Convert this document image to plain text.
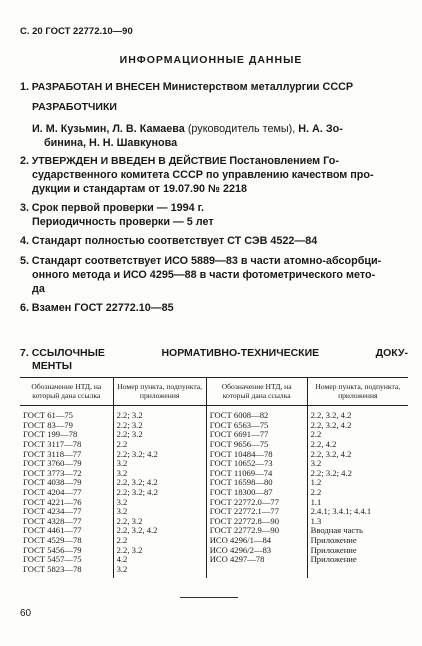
С. 20 ГОСТ 22772.10—90
ИНФОРМАЦИОННЫЕ ДАННЫЕ
1. РАЗРАБОТАН И ВНЕСЕН Министерством металлургии СССР
РАЗРАБОТЧИКИ
И. М. Кузьмин, Л. В. Камаева (руководитель темы), Н. А. Зо-
бинина, Н. Н. Шавкунова
2. УТВЕРЖДЕН И ВВЕДЕН В ДЕЙСТВИЕ Постановлением Го-
сударственного комитета СССР по управлению качеством про-
дукции и стандартам от 19.07.90 № 2218
3. Срок первой проверки — 1994 г.
Периодичность проверки — 5 лет
4. Стандарт полностью соответствует СТ СЭВ 4522—84
5. Стандарт соответствует ИСО 5889—83 в части атомно-абсорбци-
онного метода и ИСО 4295—88 в части фотометрического мето-
да
6. Взамен ГОСТ 22772.10—85
7. ССЫЛОЧНЫЕ	НОРМАТИВНО-ТЕХНИЧЕСКИЕ	ДОКУ-
МЕНТЫ
Обозначение НТД, на который дана ссылка	Номер пункта, подпункта, приложения	Обозначение НТД, на который дана ссылка	Номер пункта, подпункта, приложения
ГОСТ 61—75	2.2; 3.2	ГОСТ 6008—82	2.2, 3.2, 4.2
ГОСТ 83—79	2.2; 3.2	ГОСТ 6563—75	2.2, 3.2, 4.2
ГОСТ 199—78	2.2; 3.2	ГОСТ 6691—77	2.2
ГОСТ 3117—78	2.2	ГОСТ 9656—75	2.2, 4.2
ГОСТ 3118—77	2.2; 3.2; 4.2	ГОСТ 10484—78	2.2, 3.2, 4.2
ГОСТ 3760—79	3.2	ГОСТ 10652—73	3.2
ГОСТ 3773—72	3.2	ГОСТ 11069—74	2.2; 3.2; 4.2
ГОСТ 4038—79	2.2, 3.2; 4.2	ГОСТ 16598—80	1.2
ГОСТ 4204—77	2.2; 3.2; 4.2	ГОСТ 18300—87	2.2
ГОСТ 4221—76	3.2	ГОСТ 22772.0—77	1.1
ГОСТ 4234—77	3.2	ГОСТ 22772.1—77	2.4.1; 3.4.1; 4.4.1
ГОСТ 4328—77	2.2, 3.2	ГОСТ 22772.8—90	1.3
ГОСТ 4461—77	2.2, 3.2, 4.2	ГОСТ 22772.9—90	Вводная часть
ГОСТ 4529—78	2.2	ИСО 4296/1—84	Приложение
ГОСТ 5456—79	2.2, 3.2	ИСО 4296/2—83	Приложение
ГОСТ 5457—75	4.2	ИСО 4297—78	Приложение
ГОСТ 5823—78	3.2		
60
